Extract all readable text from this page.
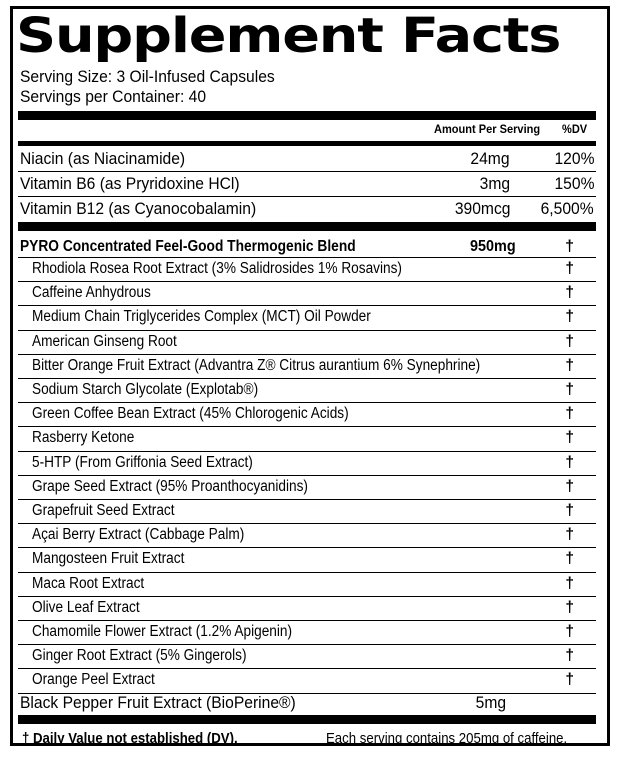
Supplement Facts
Serving Size: 3 Oil-Infused Capsules
Servings per Container: 40
Amount Per Serving %DV
Niacin (as Niacinamide)	24mg	120%
Vitamin B6 (as Pryridoxine HCl)	3mg	150%
Vitamin B12 (as Cyanocobalamin)	390mcg 6,500%
PYRO Concentrated Feel-Good Thermogenic Blend	950mg	†
Rhodiola Rosea Root Extract (3% Salidrosides 1% Rosavins)	†
Caffeine Anhydrous	†
Medium Chain Triglycerides Complex (MCT) Oil Powder	†
American Ginseng Root	†
Bitter Orange Fruit Extract (Advantra Z® Citrus aurantium 6% Synephrine)	†
Sodium Starch Glycolate (Explotab®)	†
Green Coffee Bean Extract (45% Chlorogenic Acids)	†
Rasberry Ketone	†
5-HTP (From Griffonia Seed Extract)	†
Grape Seed Extract (95% Proanthocyanidins)	†
Grapefruit Seed Extract	†
Açai Berry Extract (Cabbage Palm)	†
Mangosteen Fruit Extract	†
Maca Root Extract	†
Olive Leaf Extract	†
Chamomile Flower Extract (1.2% Apigenin)	†
Ginger Root Extract (5% Gingerols)	†
Orange Peel Extract	†
Black Pepper Fruit Extract (BioPerine®)	5mg
† Daily Value not established (DV).	Each serving contains 205mg of caffeine.
